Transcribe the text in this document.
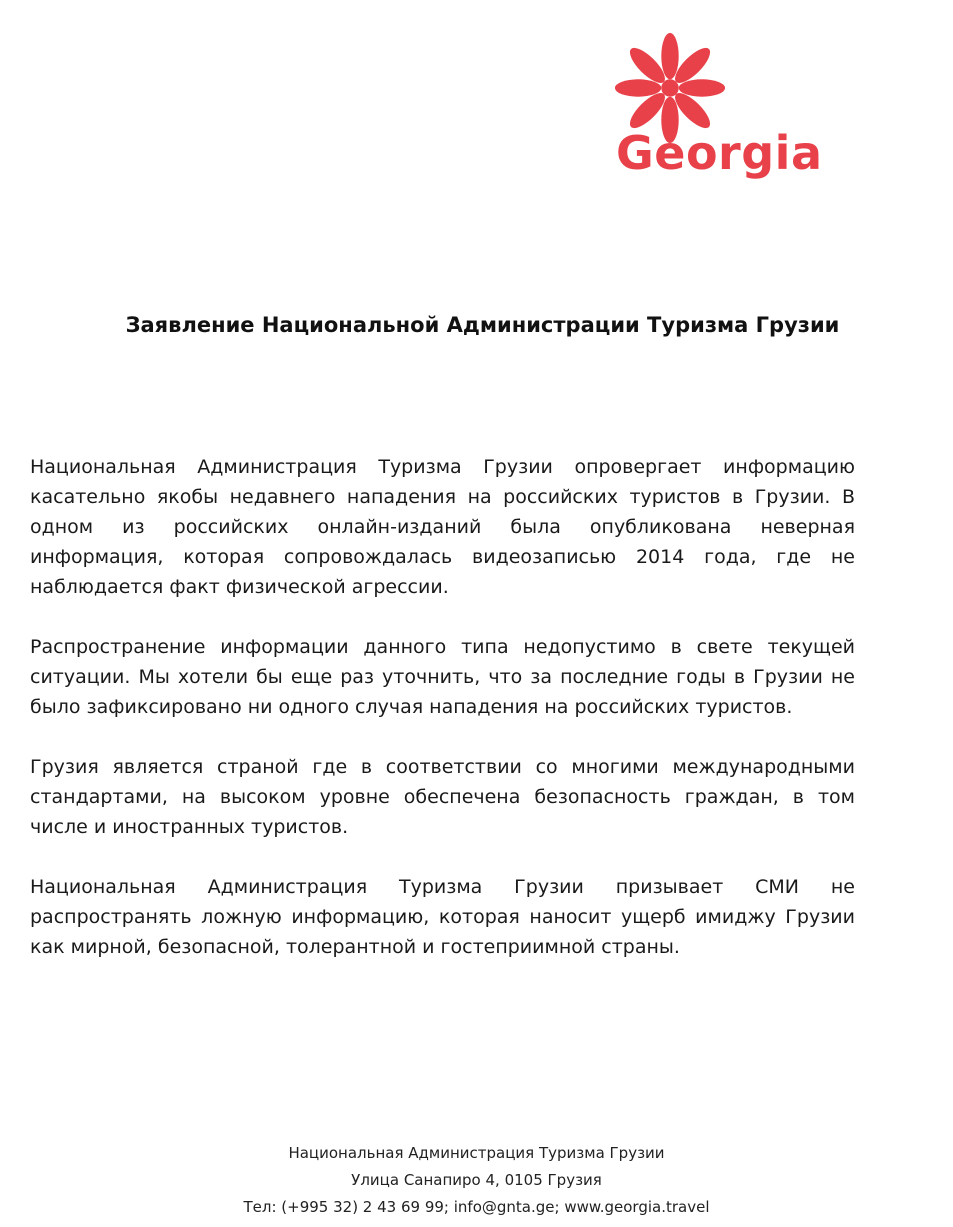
Georgia
Заявление Национальной Администрации Туризма Грузии

Национальная Администрация Туризма Грузии опровергает информацию касательно якобы недавнего нападения на российских туристов в Грузии. В одном из российских онлайн-изданий была опубликована неверная информация, которая сопровождалась видеозаписью 2014 года, где не наблюдается факт физической агрессии.

Распространение информации данного типа недопустимо в свете текущей ситуации. Мы хотели бы еще раз уточнить, что за последние годы в Грузии не было зафиксировано ни одного случая нападения на российских туристов.

Грузия является страной где в соответствии со многими международными стандартами, на высоком уровне обеспечена безопасность граждан, в том числе и иностранных туристов.

Национальная Администрация Туризма Грузии призывает СМИ не распространять ложную информацию, которая наносит ущерб имиджу Грузии как мирной, безопасной, толерантной и гостеприимной страны.

Национальная Администрация Туризма Грузии
Улица Санапиро 4, 0105 Грузия
Тел: (+995 32) 2 43 69 99; info@gnta.ge; www.georgia.travel
